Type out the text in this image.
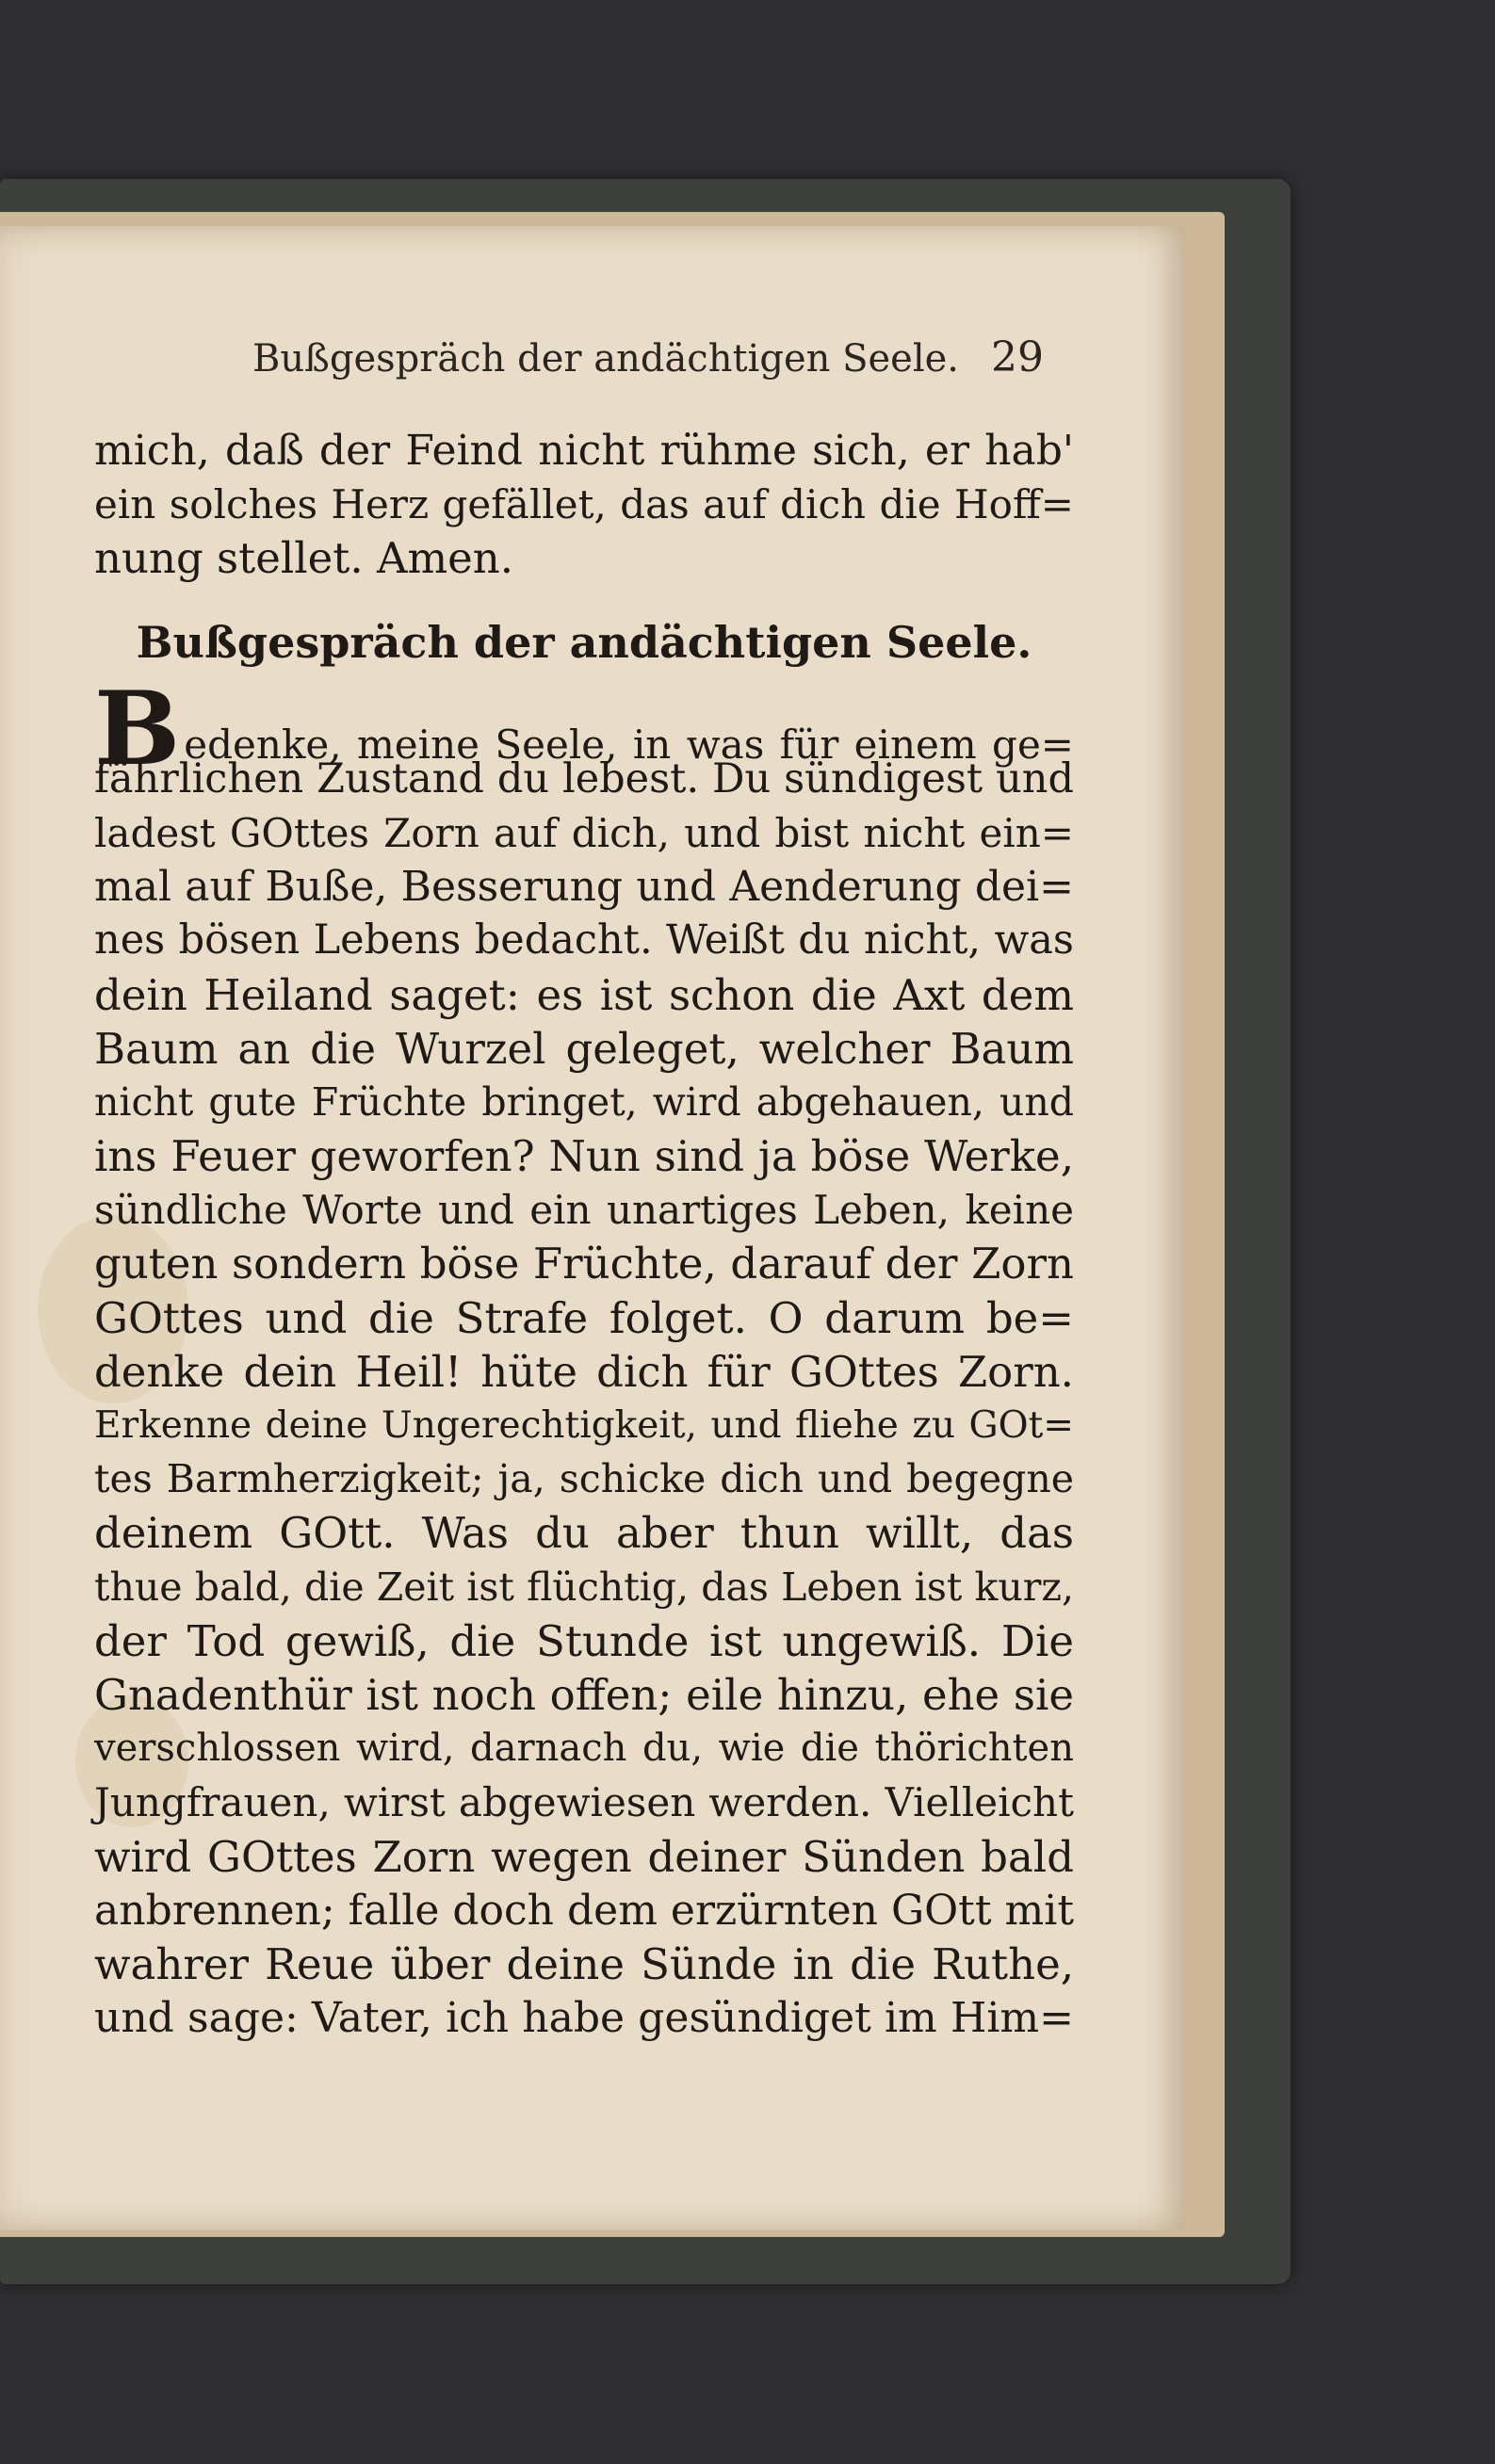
Bußgespräch der andächtigen Seele. 29
mich, daß der Feind nicht rühme sich, er hab'
ein solches Herz gefället, das auf dich die Hoff=
nung stellet. Amen.
Bußgespräch der andächtigen Seele.
Bedenke, meine Seele, in was für einem ge=
fährlichen Zustand du lebest. Du sündigest und
ladest GOttes Zorn auf dich, und bist nicht ein=
mal auf Buße, Besserung und Aenderung dei=
nes bösen Lebens bedacht. Weißt du nicht, was
dein Heiland saget: es ist schon die Axt dem
Baum an die Wurzel geleget, welcher Baum
nicht gute Früchte bringet, wird abgehauen, und
ins Feuer geworfen? Nun sind ja böse Werke,
sündliche Worte und ein unartiges Leben, keine
guten sondern böse Früchte, darauf der Zorn
GOttes und die Strafe folget. O darum be=
denke dein Heil! hüte dich für GOttes Zorn.
Erkenne deine Ungerechtigkeit, und fliehe zu GOt=
tes Barmherzigkeit; ja, schicke dich und begegne
deinem GOtt. Was du aber thun willt, das
thue bald, die Zeit ist flüchtig, das Leben ist kurz,
der Tod gewiß, die Stunde ist ungewiß. Die
Gnadenthür ist noch offen; eile hinzu, ehe sie
verschlossen wird, darnach du, wie die thörichten
Jungfrauen, wirst abgewiesen werden. Vielleicht
wird GOttes Zorn wegen deiner Sünden bald
anbrennen; falle doch dem erzürnten GOtt mit
wahrer Reue über deine Sünde in die Ruthe,
und sage: Vater, ich habe gesündiget im Him=
